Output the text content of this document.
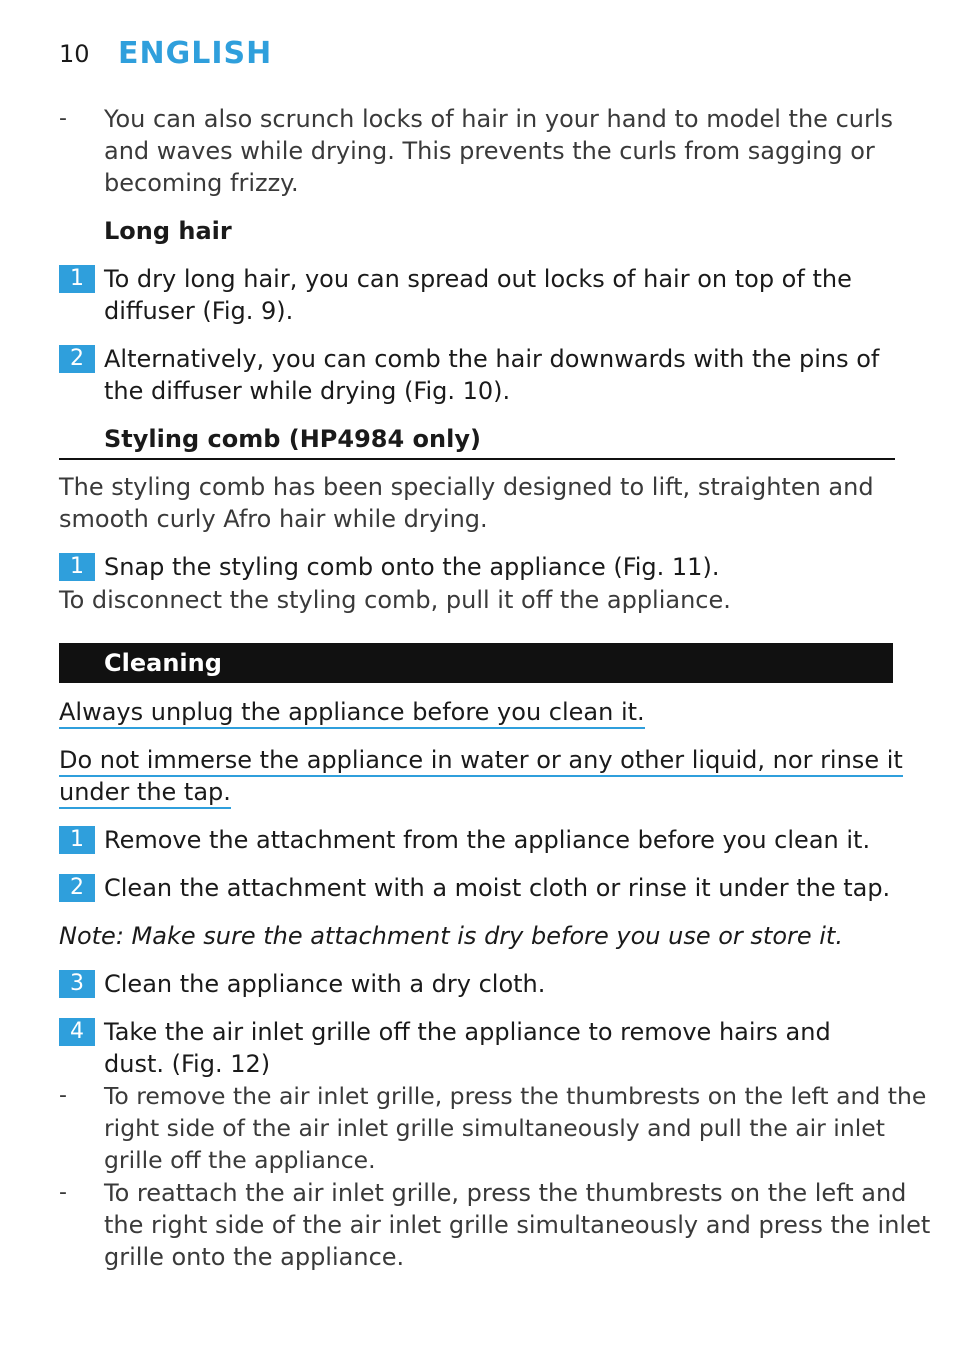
10 ENGLISH
- You can also scrunch locks of hair in your hand to model the curls
and waves while drying. This prevents the curls from sagging or
becoming frizzy.
Long hair
1 To dry long hair, you can spread out locks of hair on top of the
diffuser (Fig. 9).
2 Alternatively, you can comb the hair downwards with the pins of
the diffuser while drying (Fig. 10).
Styling comb (HP4984 only)
The styling comb has been specially designed to lift, straighten and
smooth curly Afro hair while drying.
1 Snap the styling comb onto the appliance (Fig. 11).
To disconnect the styling comb, pull it off the appliance.
Cleaning
Always unplug the appliance before you clean it.
Do not immerse the appliance in water or any other liquid, nor rinse it
under the tap.
1 Remove the attachment from the appliance before you clean it.
2 Clean the attachment with a moist cloth or rinse it under the tap.
Note: Make sure the attachment is dry before you use or store it.
3 Clean the appliance with a dry cloth.
4 Take the air inlet grille off the appliance to remove hairs and
dust. (Fig. 12)
- To remove the air inlet grille, press the thumbrests on the left and the
right side of the air inlet grille simultaneously and pull the air inlet
grille off the appliance.
- To reattach the air inlet grille, press the thumbrests on the left and
the right side of the air inlet grille simultaneously and press the inlet
grille onto the appliance.
